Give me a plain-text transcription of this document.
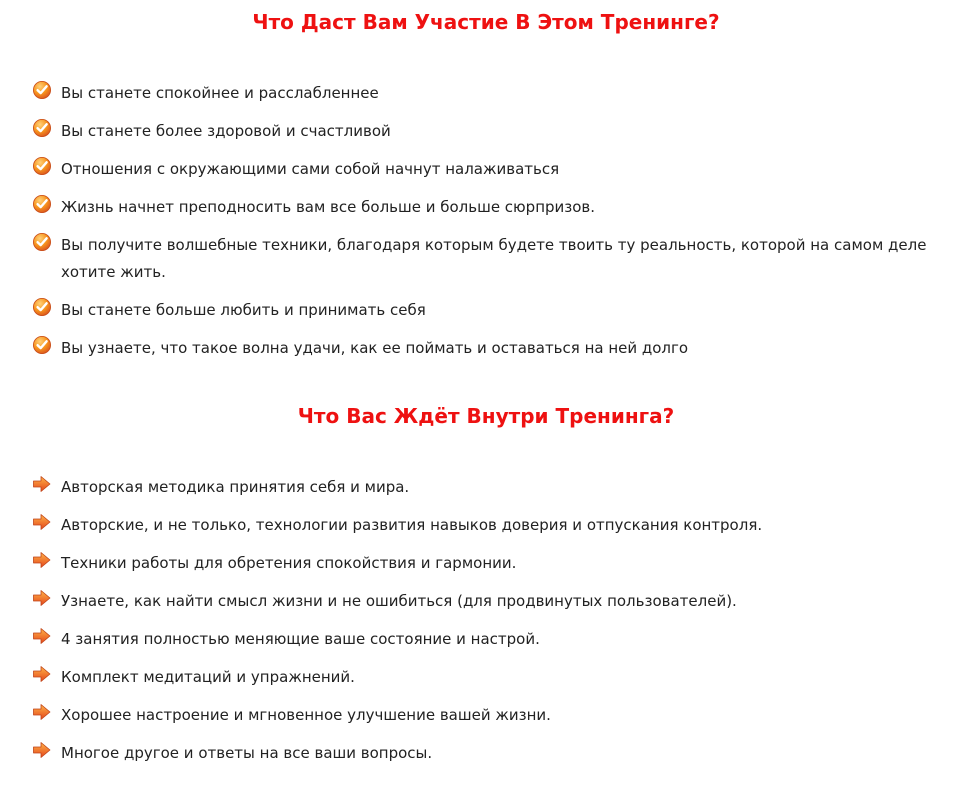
Что Даст Вам Участие В Этом Тренинге?
Вы станете спокойнее и расслабленнее
Вы станете более здоровой и счастливой
Отношения с окружающими сами собой начнут налаживаться
Жизнь начнет преподносить вам все больше и больше сюрпризов.
Вы получите волшебные техники, благодаря которым будете твоить ту реальность, которой на самом деле хотите жить.
Вы станете больше любить и принимать себя
Вы узнаете, что такое волна удачи, как ее поймать и оставаться на ней долго
Что Вас Ждёт Внутри Тренинга?
Авторская методика принятия себя и мира.
Авторские, и не только, технологии развития навыков доверия и отпускания контроля.
Техники работы для обретения спокойствия и гармонии.
Узнаете, как найти смысл жизни и не ошибиться (для продвинутых пользователей).
4 занятия полностью меняющие ваше состояние и настрой.
Комплект медитаций и упражнений.
Хорошее настроение и мгновенное улучшение вашей жизни.
Многое другое и ответы на все ваши вопросы.
